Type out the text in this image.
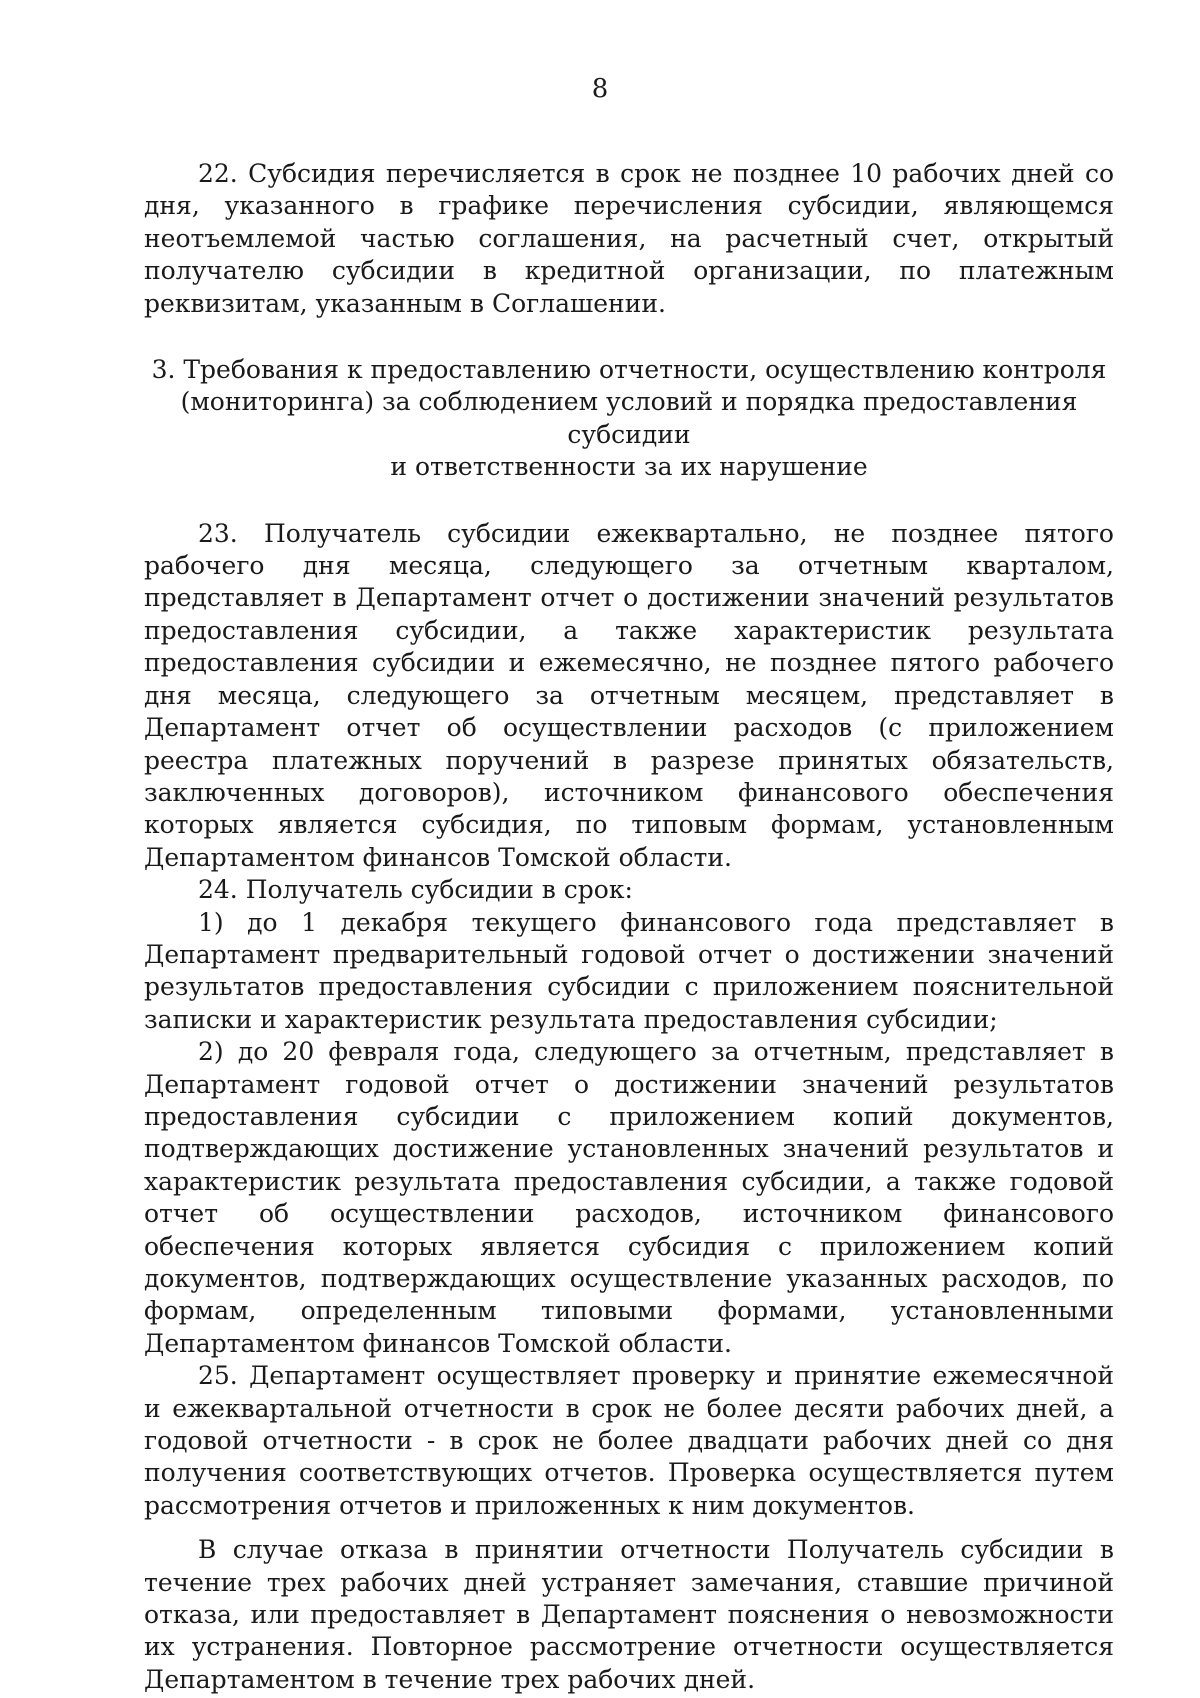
8

22. Субсидия перечисляется в срок не позднее 10 рабочих дней со дня, указанного в графике перечисления субсидии, являющемся неотъемлемой частью соглашения, на расчетный счет, открытый получателю субсидии в кредитной организации, по платежным реквизитам, указанным в Соглашении.

3. Требования к предоставлению отчетности, осуществлению контроля
(мониторинга) за соблюдением условий и порядка предоставления субсидии
и ответственности за их нарушение

23. Получатель субсидии ежеквартально, не позднее пятого рабочего дня месяца, следующего за отчетным кварталом, представляет в Департамент отчет о достижении значений результатов предоставления субсидии, а также характеристик результата предоставления субсидии и ежемесячно, не позднее пятого рабочего дня месяца, следующего за отчетным месяцем, представляет в Департамент отчет об осуществлении расходов (с приложением реестра платежных поручений в разрезе принятых обязательств, заключенных договоров), источником финансового обеспечения которых является субсидия, по типовым формам, установленным Департаментом финансов Томской области.

24. Получатель субсидии в срок:

1) до 1 декабря текущего финансового года представляет в Департамент предварительный годовой отчет о достижении значений результатов предоставления субсидии с приложением пояснительной записки и характеристик результата предоставления субсидии;

2) до 20 февраля года, следующего за отчетным, представляет в Департамент годовой отчет о достижении значений результатов предоставления субсидии с приложением копий документов, подтверждающих достижение установленных значений результатов и характеристик результата предоставления субсидии, а также годовой отчет об осуществлении расходов, источником финансового обеспечения которых является субсидия с приложением копий документов, подтверждающих осуществление указанных расходов, по формам, определенным типовыми формами, установленными Департаментом финансов Томской области.

25. Департамент осуществляет проверку и принятие ежемесячной и ежеквартальной отчетности в срок не более десяти рабочих дней, а годовой отчетности - в срок не более двадцати рабочих дней со дня получения соответствующих отчетов. Проверка осуществляется путем рассмотрения отчетов и приложенных к ним документов.

В случае отказа в принятии отчетности Получатель субсидии в течение трех рабочих дней устраняет замечания, ставшие причиной отказа, или предоставляет в Департамент пояснения о невозможности их устранения. Повторное рассмотрение отчетности осуществляется Департаментом в течение трех рабочих дней.
